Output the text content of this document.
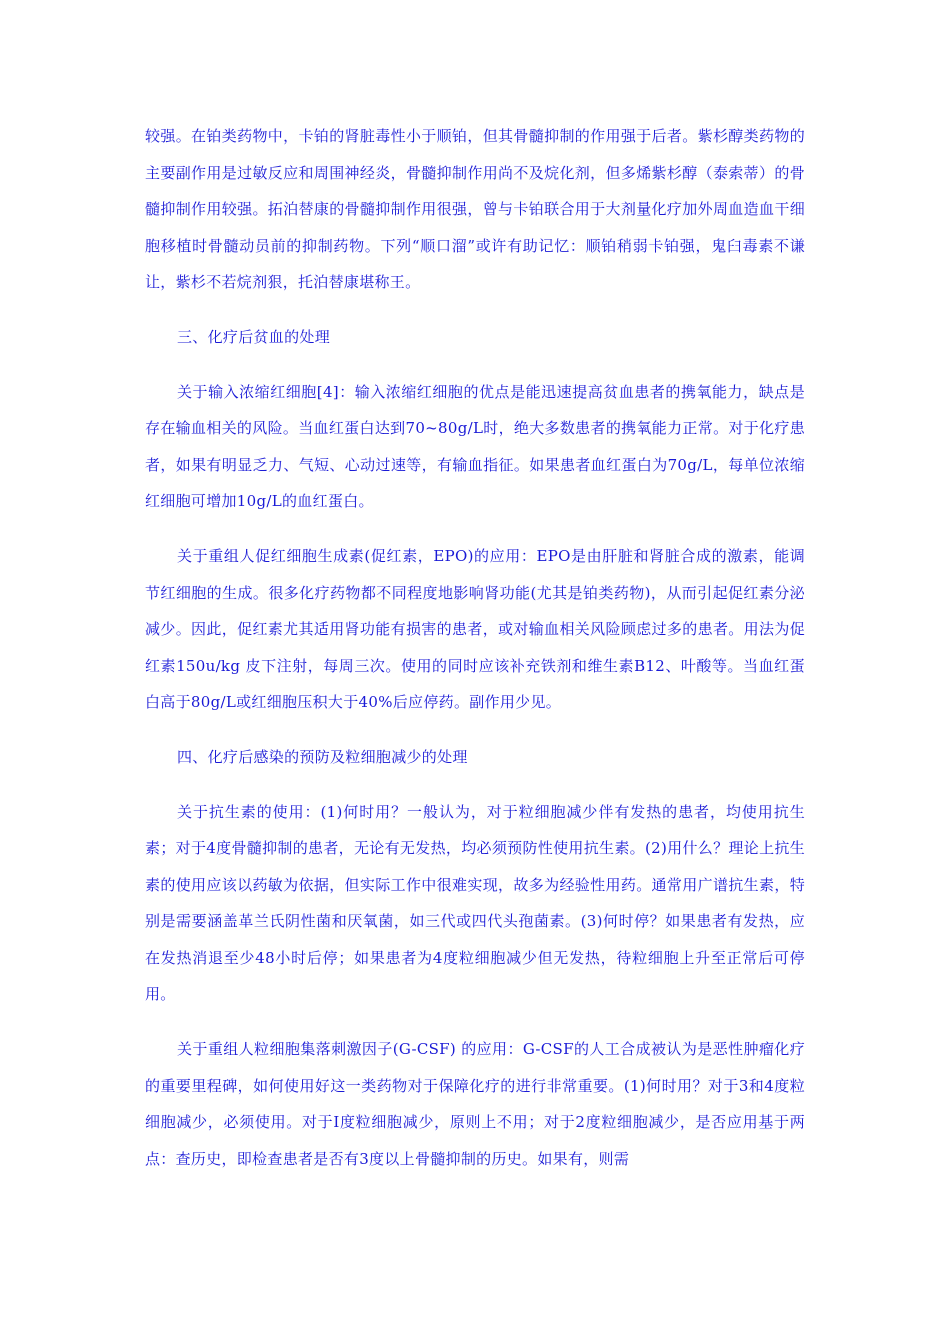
较强。在铂类药物中，卡铂的肾脏毒性小于顺铂，但其骨髓抑制的作用强于后者。紫杉醇类药物的主要副作用是过敏反应和周围神经炎，骨髓抑制作用尚不及烷化剂，但多烯紫杉醇（泰索蒂）的骨髓抑制作用较强。拓泊替康的骨髓抑制作用很强，曾与卡铂联合用于大剂量化疗加外周血造血干细胞移植时骨髓动员前的抑制药物。下列“顺口溜”或许有助记忆：顺铂稍弱卡铂强，鬼臼毒素不谦让，紫杉不若烷剂狠，托泊替康堪称王。

三、化疗后贫血的处理

关于输入浓缩红细胞[4]：输入浓缩红细胞的优点是能迅速提高贫血患者的携氧能力，缺点是存在输血相关的风险。当血红蛋白达到70~80g/L时，绝大多数患者的携氧能力正常。对于化疗患者，如果有明显乏力、气短、心动过速等，有输血指征。如果患者血红蛋白为70g/L，每单位浓缩红细胞可增加10g/L的血红蛋白。

关于重组人促红细胞生成素(促红素，EPO)的应用：EPO是由肝脏和肾脏合成的激素，能调节红细胞的生成。很多化疗药物都不同程度地影响肾功能(尤其是铂类药物)，从而引起促红素分泌减少。因此，促红素尤其适用肾功能有损害的患者，或对输血相关风险顾虑过多的患者。用法为促红素150u/kg 皮下注射，每周三次。使用的同时应该补充铁剂和维生素B12、叶酸等。当血红蛋白高于80g/L或红细胞压积大于40%后应停药。副作用少见。

四、化疗后感染的预防及粒细胞减少的处理

关于抗生素的使用：(1)何时用？一般认为，对于粒细胞减少伴有发热的患者，均使用抗生素；对于4度骨髓抑制的患者，无论有无发热，均必须预防性使用抗生素。(2)用什么？理论上抗生素的使用应该以药敏为依据，但实际工作中很难实现，故多为经验性用药。通常用广谱抗生素，特别是需要涵盖革兰氏阴性菌和厌氧菌，如三代或四代头孢菌素。(3)何时停？如果患者有发热，应在发热消退至少48小时后停；如果患者为4度粒细胞减少但无发热，待粒细胞上升至正常后可停用。

关于重组人粒细胞集落刺激因子(G-CSF) 的应用：G-CSF的人工合成被认为是恶性肿瘤化疗的重要里程碑，如何使用好这一类药物对于保障化疗的进行非常重要。(1)何时用？对于3和4度粒细胞减少，必须使用。对于I度粒细胞减少，原则上不用；对于2度粒细胞减少，是否应用基于两点：查历史，即检查患者是否有3度以上骨髓抑制的历史。如果有，则需
